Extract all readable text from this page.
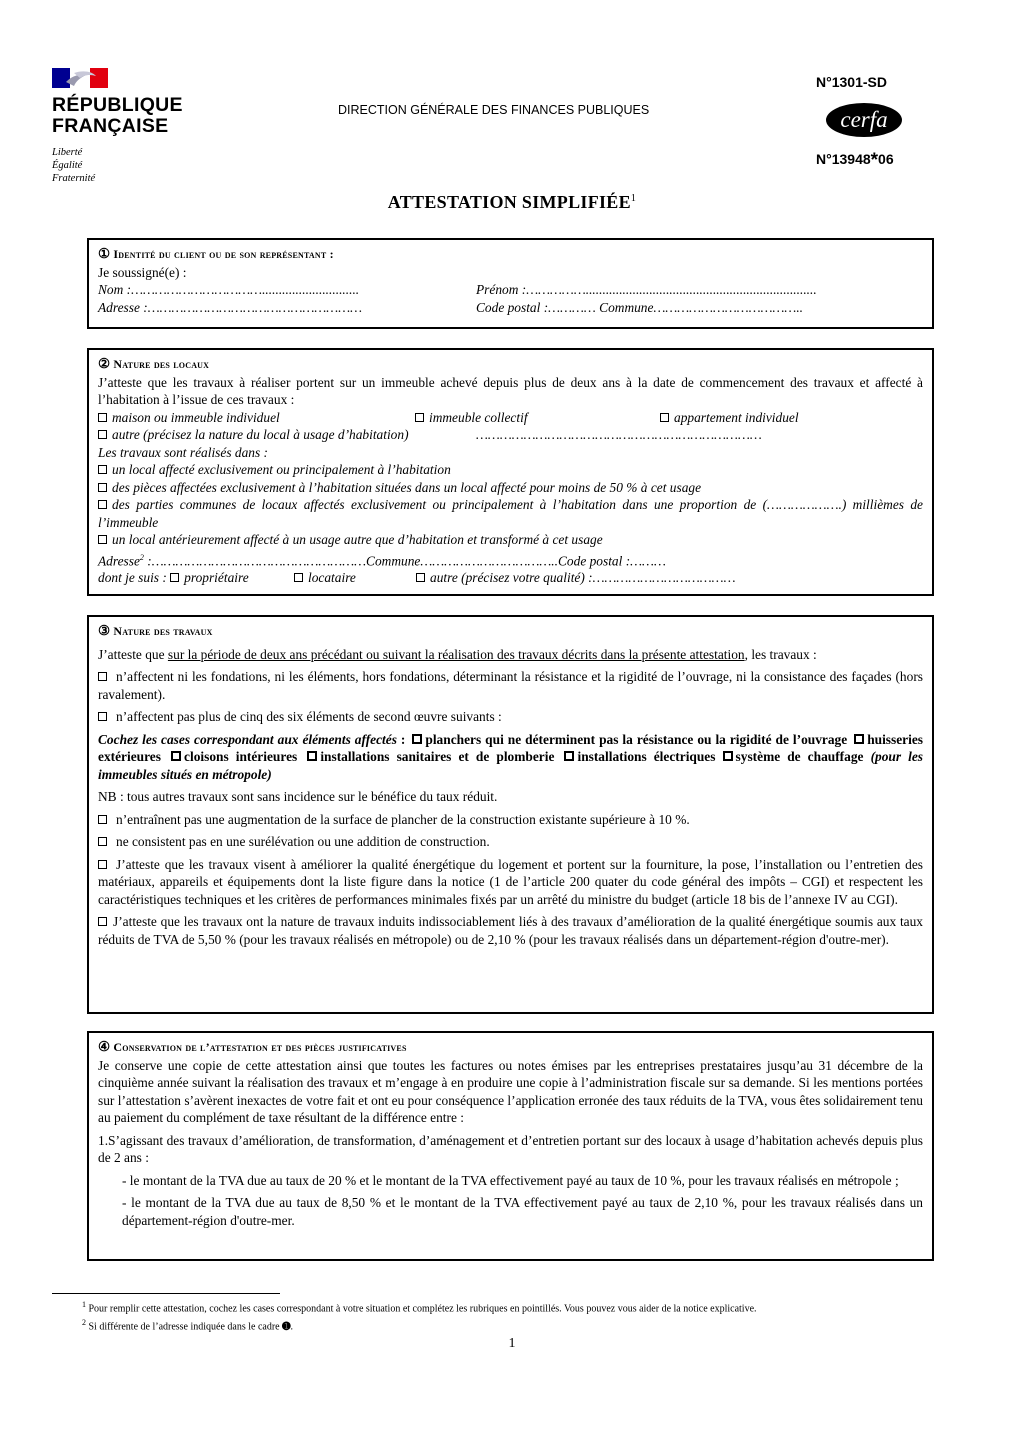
RÉPUBLIQUE
FRANÇAISE
Liberté
Égalité
Fraternité
DIRECTION GÉNÉRALE DES FINANCES PUBLIQUES
N°1301-SD
cerfa
N°13948*06
ATTESTATION SIMPLIFIÉE$^1$

① Identité du client ou de son représentant :

Je soussigné(e) :

Nom :…………………………….............................	Prénom :…………….....................................................................
Adresse :………………………………………………	Code postal :………… Commune………………………………..

② Nature des locaux

J’atteste que les travaux à réaliser portent sur un immeuble achevé depuis plus de deux ans à la date de commencement des travaux et affecté à l’habitation à l’issue de ces travaux :

maison ou immeuble individuel	immeuble collectif	appartement individuel
autre (précisez la nature du local à usage d’habitation)	………………………………………………………………

Les travaux sont réalisés dans :

un local affecté exclusivement ou principalement à l’habitation

des pièces affectées exclusivement à l’habitation situées dans un local affecté pour moins de 50 % à cet usage

des parties communes de locaux affectés exclusivement ou principalement à l’habitation dans une proportion de (……………….) millièmes de l’immeuble

un local antérieurement affecté à un usage autre que d’habitation et transformé à cet usage

Adresse$^2$ :………………………………………………Commune……………………………..Code postal :………

dont je suis : propriétaire	locataire	autre (précisez votre qualité) :………………………………

③ Nature des travaux

J’atteste que sur la période de deux ans précédant ou suivant la réalisation des travaux décrits dans la présente attestation, les travaux :

n’affectent ni les fondations, ni les éléments, hors fondations, déterminant la résistance et la rigidité de l’ouvrage, ni la consistance des façades (hors ravalement).

n’affectent pas plus de cinq des six éléments de second œuvre suivants :

Cochez les cases correspondant aux éléments affectés : planchers qui ne déterminent pas la résistance ou la rigidité de l’ouvrage huisseries extérieures cloisons intérieures installations sanitaires et de plomberie installations électriques système de chauffage (pour les immeubles situés en métropole)

NB : tous autres travaux sont sans incidence sur le bénéfice du taux réduit.

n’entraînent pas une augmentation de la surface de plancher de la construction existante supérieure à 10 %.

ne consistent pas en une surélévation ou une addition de construction.

J’atteste que les travaux visent à améliorer la qualité énergétique du logement et portent sur la fourniture, la pose, l’installation ou l’entretien des matériaux, appareils et équipements dont la liste figure dans la notice (1 de l’article 200 quater du code général des impôts – CGI) et respectent les caractéristiques techniques et les critères de performances minimales fixés par un arrêté du ministre du budget (article 18 bis de l’annexe IV au CGI).

J’atteste que les travaux ont la nature de travaux induits indissociablement liés à des travaux d’amélioration de la qualité énergétique soumis aux taux réduits de TVA de 5,50 % (pour les travaux réalisés en métropole) ou de 2,10 % (pour les travaux réalisés dans un département-région d'outre-mer).

④ Conservation de l’attestation et des pièces justificatives

Je conserve une copie de cette attestation ainsi que toutes les factures ou notes émises par les entreprises prestataires jusqu’au 31 décembre de la cinquième année suivant la réalisation des travaux et m’engage à en produire une copie à l’administration fiscale sur sa demande. Si les mentions portées sur l’attestation s’avèrent inexactes de votre fait et ont eu pour conséquence l’application erronée des taux réduits de la TVA, vous êtes solidairement tenu au paiement du complément de taxe résultant de la différence entre :

1.S’agissant des travaux d’amélioration, de transformation, d’aménagement et d’entretien portant sur des locaux à usage d’habitation achevés depuis plus de 2 ans :

- le montant de la TVA due au taux de 20 % et le montant de la TVA effectivement payé au taux de 10 %, pour les travaux réalisés en métropole ;

- le montant de la TVA due au taux de 8,50 % et le montant de la TVA effectivement payé au taux de 2,10 %, pour les travaux réalisés dans un département-région d'outre-mer.

$^1$ Pour remplir cette attestation, cochez les cases correspondant à votre situation et complétez les rubriques en pointillés. Vous pouvez vous aider de la notice explicative.
$^2$ Si différente de l’adresse indiquée dans le cadre ➊.
1
